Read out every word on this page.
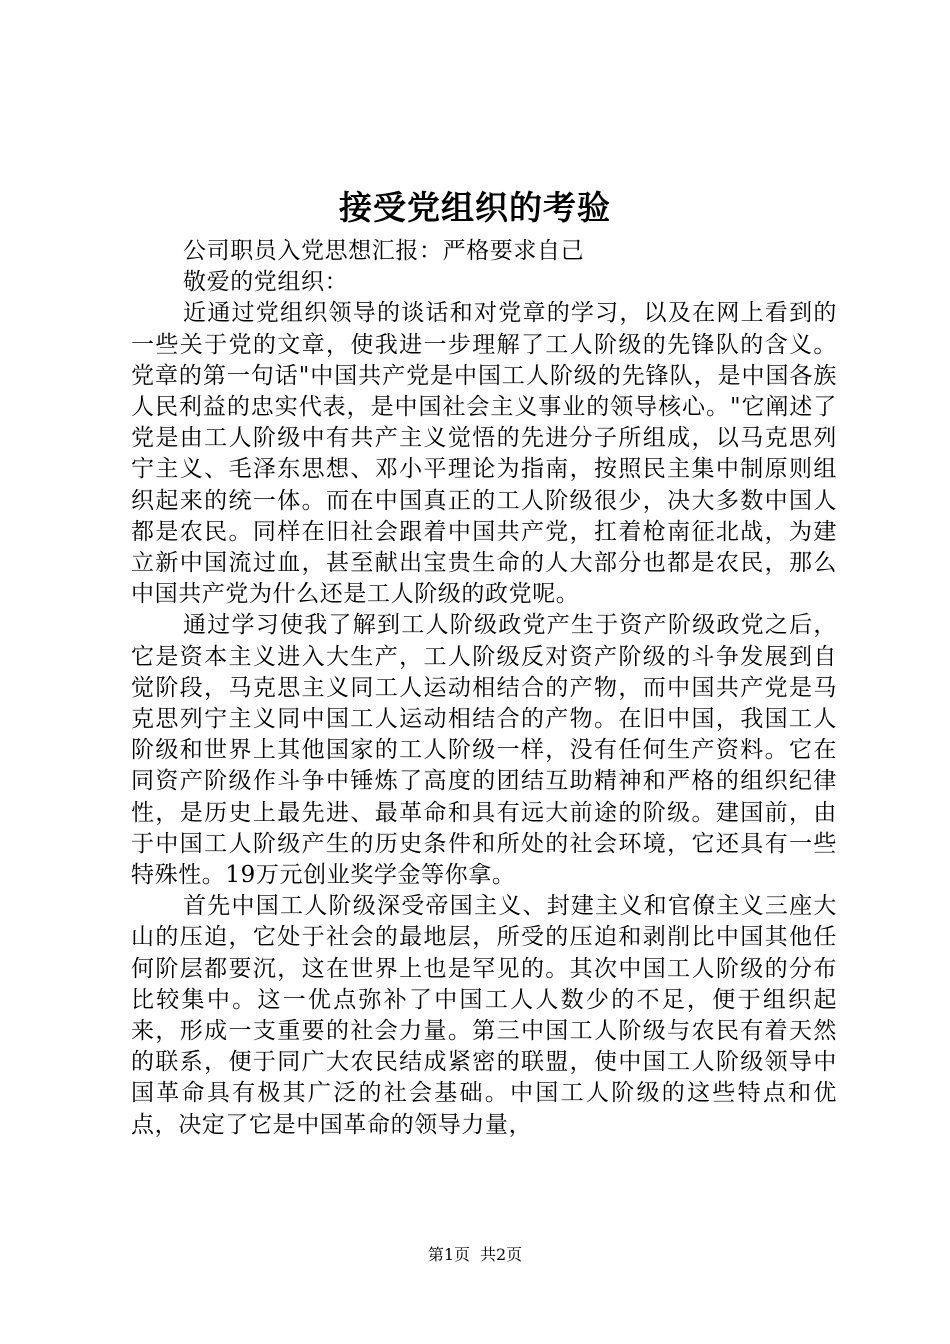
接受党组织的考验

公司职员入党思想汇报：严格要求自己

敬爱的党组织：

近通过党组织领导的谈话和对党章的学习，以及在网上看到的一些关于党的文章，使我进一步理解了工人阶级的先锋队的含义。党章的第一句话"中国共产党是中国工人阶级的先锋队，是中国各族人民利益的忠实代表，是中国社会主义事业的领导核心。"它阐述了党是由工人阶级中有共产主义觉悟的先进分子所组成，以马克思列宁主义、毛泽东思想、邓小平理论为指南，按照民主集中制原则组织起来的统一体。而在中国真正的工人阶级很少，决大多数中国人都是农民。同样在旧社会跟着中国共产党，扛着枪南征北战，为建立新中国流过血，甚至献出宝贵生命的人大部分也都是农民，那么中国共产党为什么还是工人阶级的政党呢。

通过学习使我了解到工人阶级政党产生于资产阶级政党之后，它是资本主义进入大生产，工人阶级反对资产阶级的斗争发展到自觉阶段，马克思主义同工人运动相结合的产物，而中国共产党是马克思列宁主义同中国工人运动相结合的产物。在旧中国，我国工人阶级和世界上其他国家的工人阶级一样，没有任何生产资料。它在同资产阶级作斗争中锤炼了高度的团结互助精神和严格的组织纪律性，是历史上最先进、最革命和具有远大前途的阶级。建国前，由于中国工人阶级产生的历史条件和所处的社会环境，它还具有一些特殊性。19万元创业奖学金等你拿。

首先中国工人阶级深受帝国主义、封建主义和官僚主义三座大山的压迫，它处于社会的最地层，所受的压迫和剥削比中国其他任何阶层都要沉，这在世界上也是罕见的。其次中国工人阶级的分布比较集中。这一优点弥补了中国工人人数少的不足，便于组织起来，形成一支重要的社会力量。第三中国工人阶级与农民有着天然的联系，便于同广大农民结成紧密的联盟，使中国工人阶级领导中国革命具有极其广泛的社会基础。中国工人阶级的这些特点和优点，决定了它是中国革命的领导力量，

第1页 共2页
